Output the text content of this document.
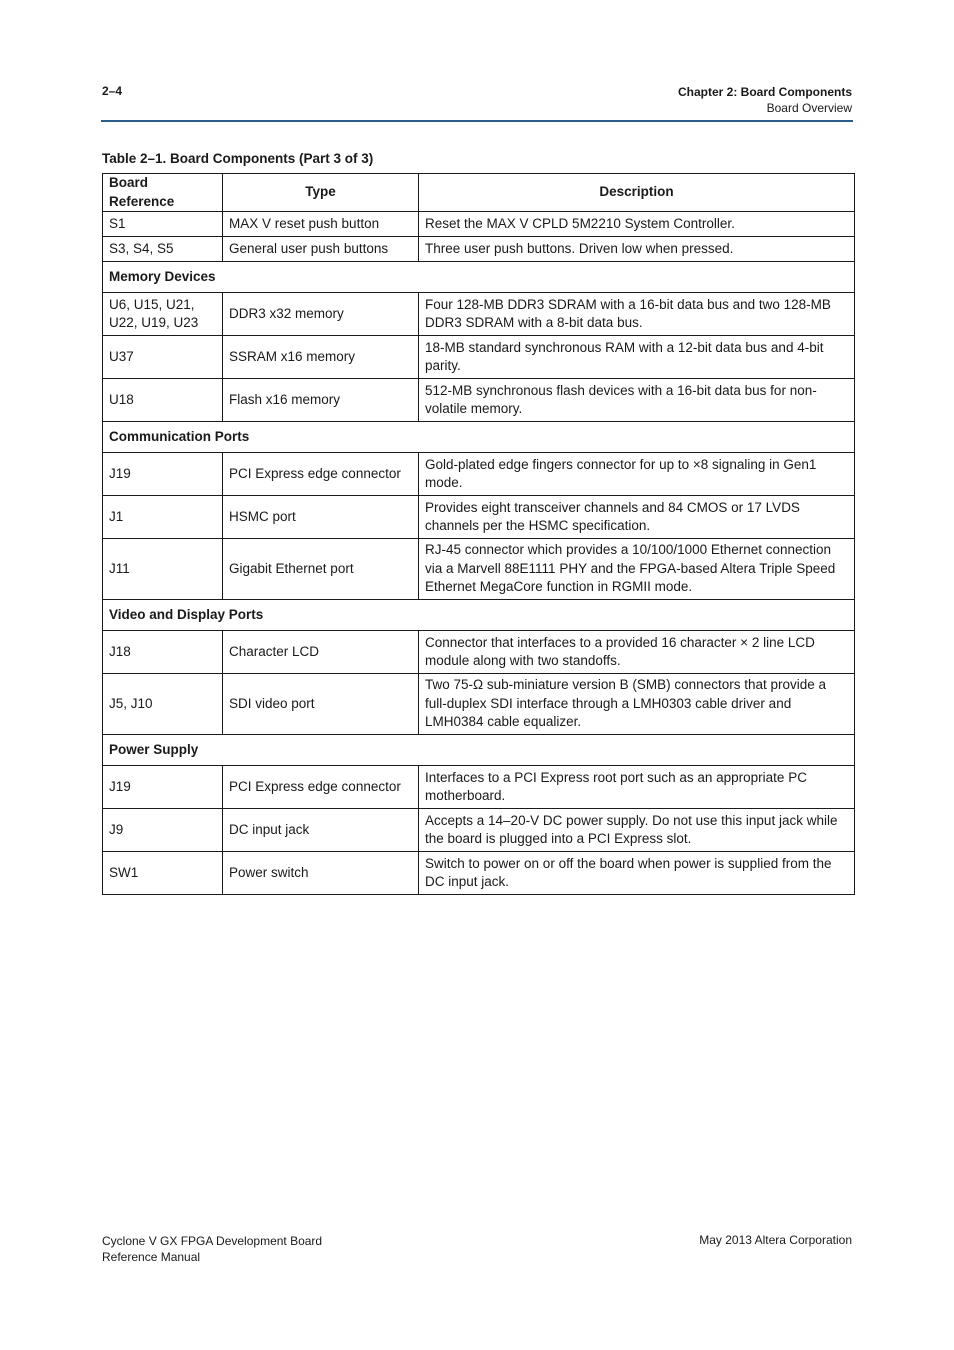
2–4	Chapter 2: Board Components
Board Overview
Table 2–1. Board Components (Part 3 of 3)
Board Reference	Type	Description
S1	MAX V reset push button	Reset the MAX V CPLD 5M2210 System Controller.
S3, S4, S5	General user push buttons	Three user push buttons. Driven low when pressed.
Memory Devices		
U6, U15, U21, U22, U19, U23	DDR3 x32 memory	Four 128-MB DDR3 SDRAM with a 16-bit data bus and two 128-MB DDR3 SDRAM with a 8-bit data bus.
U37	SSRAM x16 memory	18-MB standard synchronous RAM with a 12-bit data bus and 4-bit parity.
U18	Flash x16 memory	512-MB synchronous flash devices with a 16-bit data bus for non-volatile memory.
Communication Ports		
J19	PCI Express edge connector	Gold-plated edge fingers connector for up to ×8 signaling in Gen1 mode.
J1	HSMC port	Provides eight transceiver channels and 84 CMOS or 17 LVDS channels per the HSMC specification.
J11	Gigabit Ethernet port	RJ-45 connector which provides a 10/100/1000 Ethernet connection via a Marvell 88E1111 PHY and the FPGA-based Altera Triple Speed Ethernet MegaCore function in RGMII mode.
Video and Display Ports		
J18	Character LCD	Connector that interfaces to a provided 16 character × 2 line LCD module along with two standoffs.
J5, J10	SDI video port	Two 75-Ω sub-miniature version B (SMB) connectors that provide a full-duplex SDI interface through a LMH0303 cable driver and LMH0384 cable equalizer.
Power Supply		
J19	PCI Express edge connector	Interfaces to a PCI Express root port such as an appropriate PC motherboard.
J9	DC input jack	Accepts a 14–20-V DC power supply. Do not use this input jack while the board is plugged into a PCI Express slot.
SW1	Power switch	Switch to power on or off the board when power is supplied from the DC input jack.
Cyclone V GX FPGA Development Board
Reference Manual
May 2013 Altera Corporation
